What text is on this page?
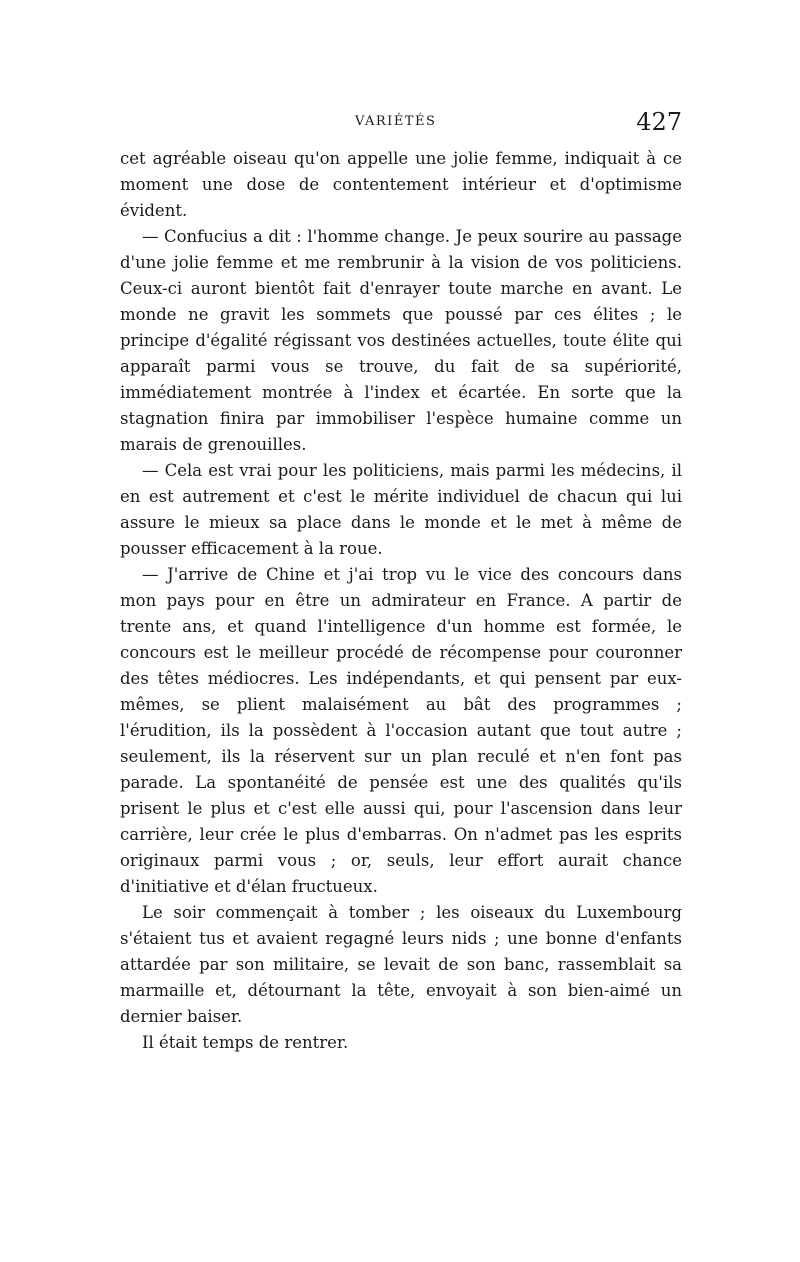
VARIÉTÉS	427

cet agréable oiseau qu'on appelle une jolie femme, indiquait à ce moment une dose de contentement intérieur et d'optimisme évident.

— Confucius a dit : l'homme change. Je peux sourire au passage d'une jolie femme et me rembrunir à la vision de vos politiciens. Ceux-ci auront bientôt fait d'enrayer toute marche en avant. Le monde ne gravit les sommets que poussé par ces élites ; le principe d'égalité régissant vos destinées actuelles, toute élite qui apparaît parmi vous se trouve, du fait de sa supériorité, immédiatement montrée à l'index et écartée. En sorte que la stagnation finira par immobiliser l'espèce humaine comme un marais de grenouilles.

— Cela est vrai pour les politiciens, mais parmi les médecins, il en est autrement et c'est le mérite individuel de chacun qui lui assure le mieux sa place dans le monde et le met à même de pousser efficacement à la roue.

— J'arrive de Chine et j'ai trop vu le vice des concours dans mon pays pour en être un admirateur en France. A partir de trente ans, et quand l'intelligence d'un homme est formée, le concours est le meilleur procédé de récompense pour couronner des têtes médiocres. Les indépendants, et qui pensent par eux-mêmes, se plient malaisément au bât des programmes ; l'érudition, ils la possèdent à l'occasion autant que tout autre ; seulement, ils la réservent sur un plan reculé et n'en font pas parade. La spontanéité de pensée est une des qualités qu'ils prisent le plus et c'est elle aussi qui, pour l'ascension dans leur carrière, leur crée le plus d'embarras. On n'admet pas les esprits originaux parmi vous ; or, seuls, leur effort aurait chance d'initiative et d'élan fructueux.

Le soir commençait à tomber ; les oiseaux du Luxembourg s'étaient tus et avaient regagné leurs nids ; une bonne d'enfants attardée par son militaire, se levait de son banc, rassemblait sa marmaille et, détournant la tête, envoyait à son bien-aimé un dernier baiser.

Il était temps de rentrer.
